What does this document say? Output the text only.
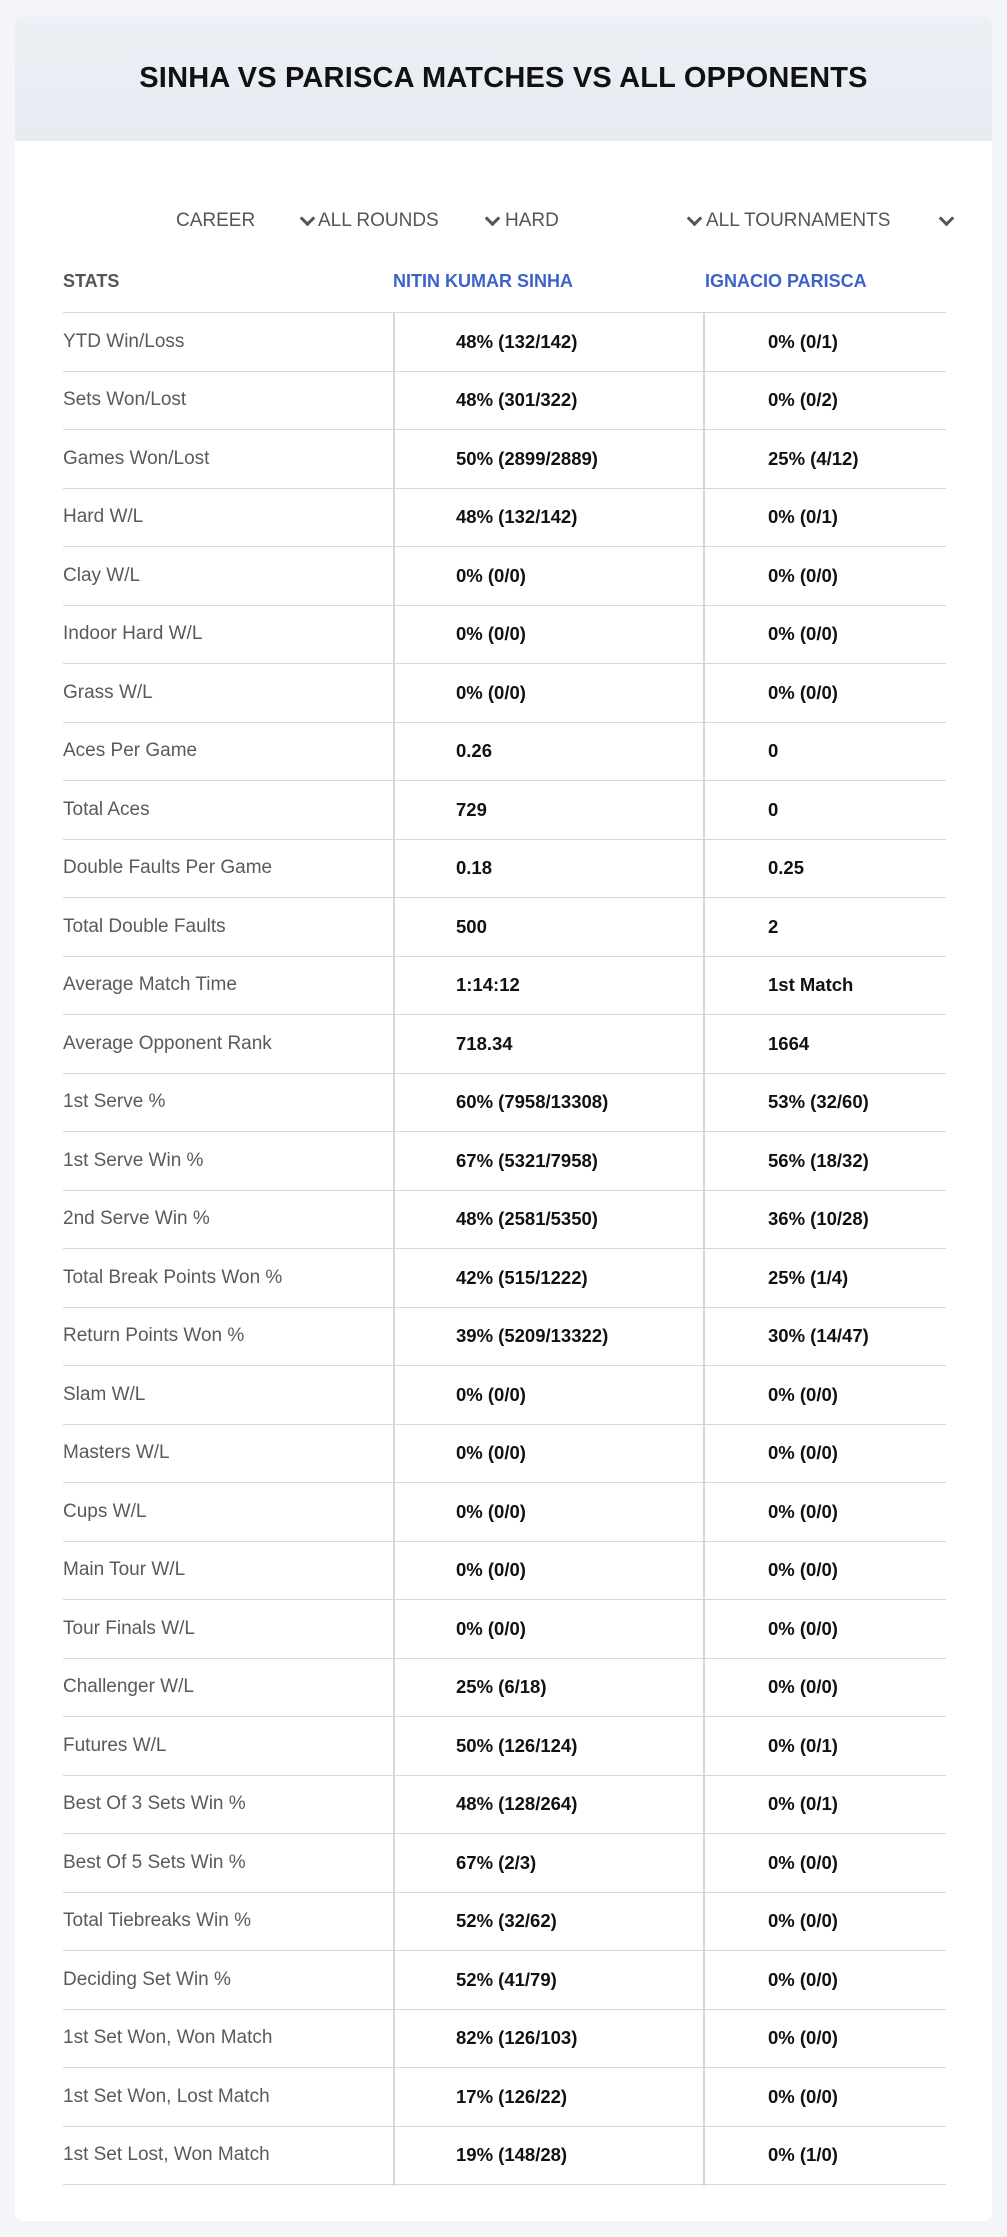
SINHA VS PARISCA MATCHES VS ALL OPPONENTS
CAREER	ALL ROUNDS	HARD	ALL TOURNAMENTS
STATS	NITIN KUMAR SINHA	IGNACIO PARISCA
YTD Win/Loss	48% (132/142)	0% (0/1)
Sets Won/Lost	48% (301/322)	0% (0/2)
Games Won/Lost	50% (2899/2889)	25% (4/12)
Hard W/L	48% (132/142)	0% (0/1)
Clay W/L	0% (0/0)	0% (0/0)
Indoor Hard W/L	0% (0/0)	0% (0/0)
Grass W/L	0% (0/0)	0% (0/0)
Aces Per Game	0.26	0
Total Aces	729	0
Double Faults Per Game	0.18	0.25
Total Double Faults	500	2
Average Match Time	1:14:12	1st Match
Average Opponent Rank	718.34	1664
1st Serve %	60% (7958/13308)	53% (32/60)
1st Serve Win %	67% (5321/7958)	56% (18/32)
2nd Serve Win %	48% (2581/5350)	36% (10/28)
Total Break Points Won %	42% (515/1222)	25% (1/4)
Return Points Won %	39% (5209/13322)	30% (14/47)
Slam W/L	0% (0/0)	0% (0/0)
Masters W/L	0% (0/0)	0% (0/0)
Cups W/L	0% (0/0)	0% (0/0)
Main Tour W/L	0% (0/0)	0% (0/0)
Tour Finals W/L	0% (0/0)	0% (0/0)
Challenger W/L	25% (6/18)	0% (0/0)
Futures W/L	50% (126/124)	0% (0/1)
Best Of 3 Sets Win %	48% (128/264)	0% (0/1)
Best Of 5 Sets Win %	67% (2/3)	0% (0/0)
Total Tiebreaks Win %	52% (32/62)	0% (0/0)
Deciding Set Win %	52% (41/79)	0% (0/0)
1st Set Won, Won Match	82% (126/103)	0% (0/0)
1st Set Won, Lost Match	17% (126/22)	0% (0/0)
1st Set Lost, Won Match	19% (148/28)	0% (1/0)
